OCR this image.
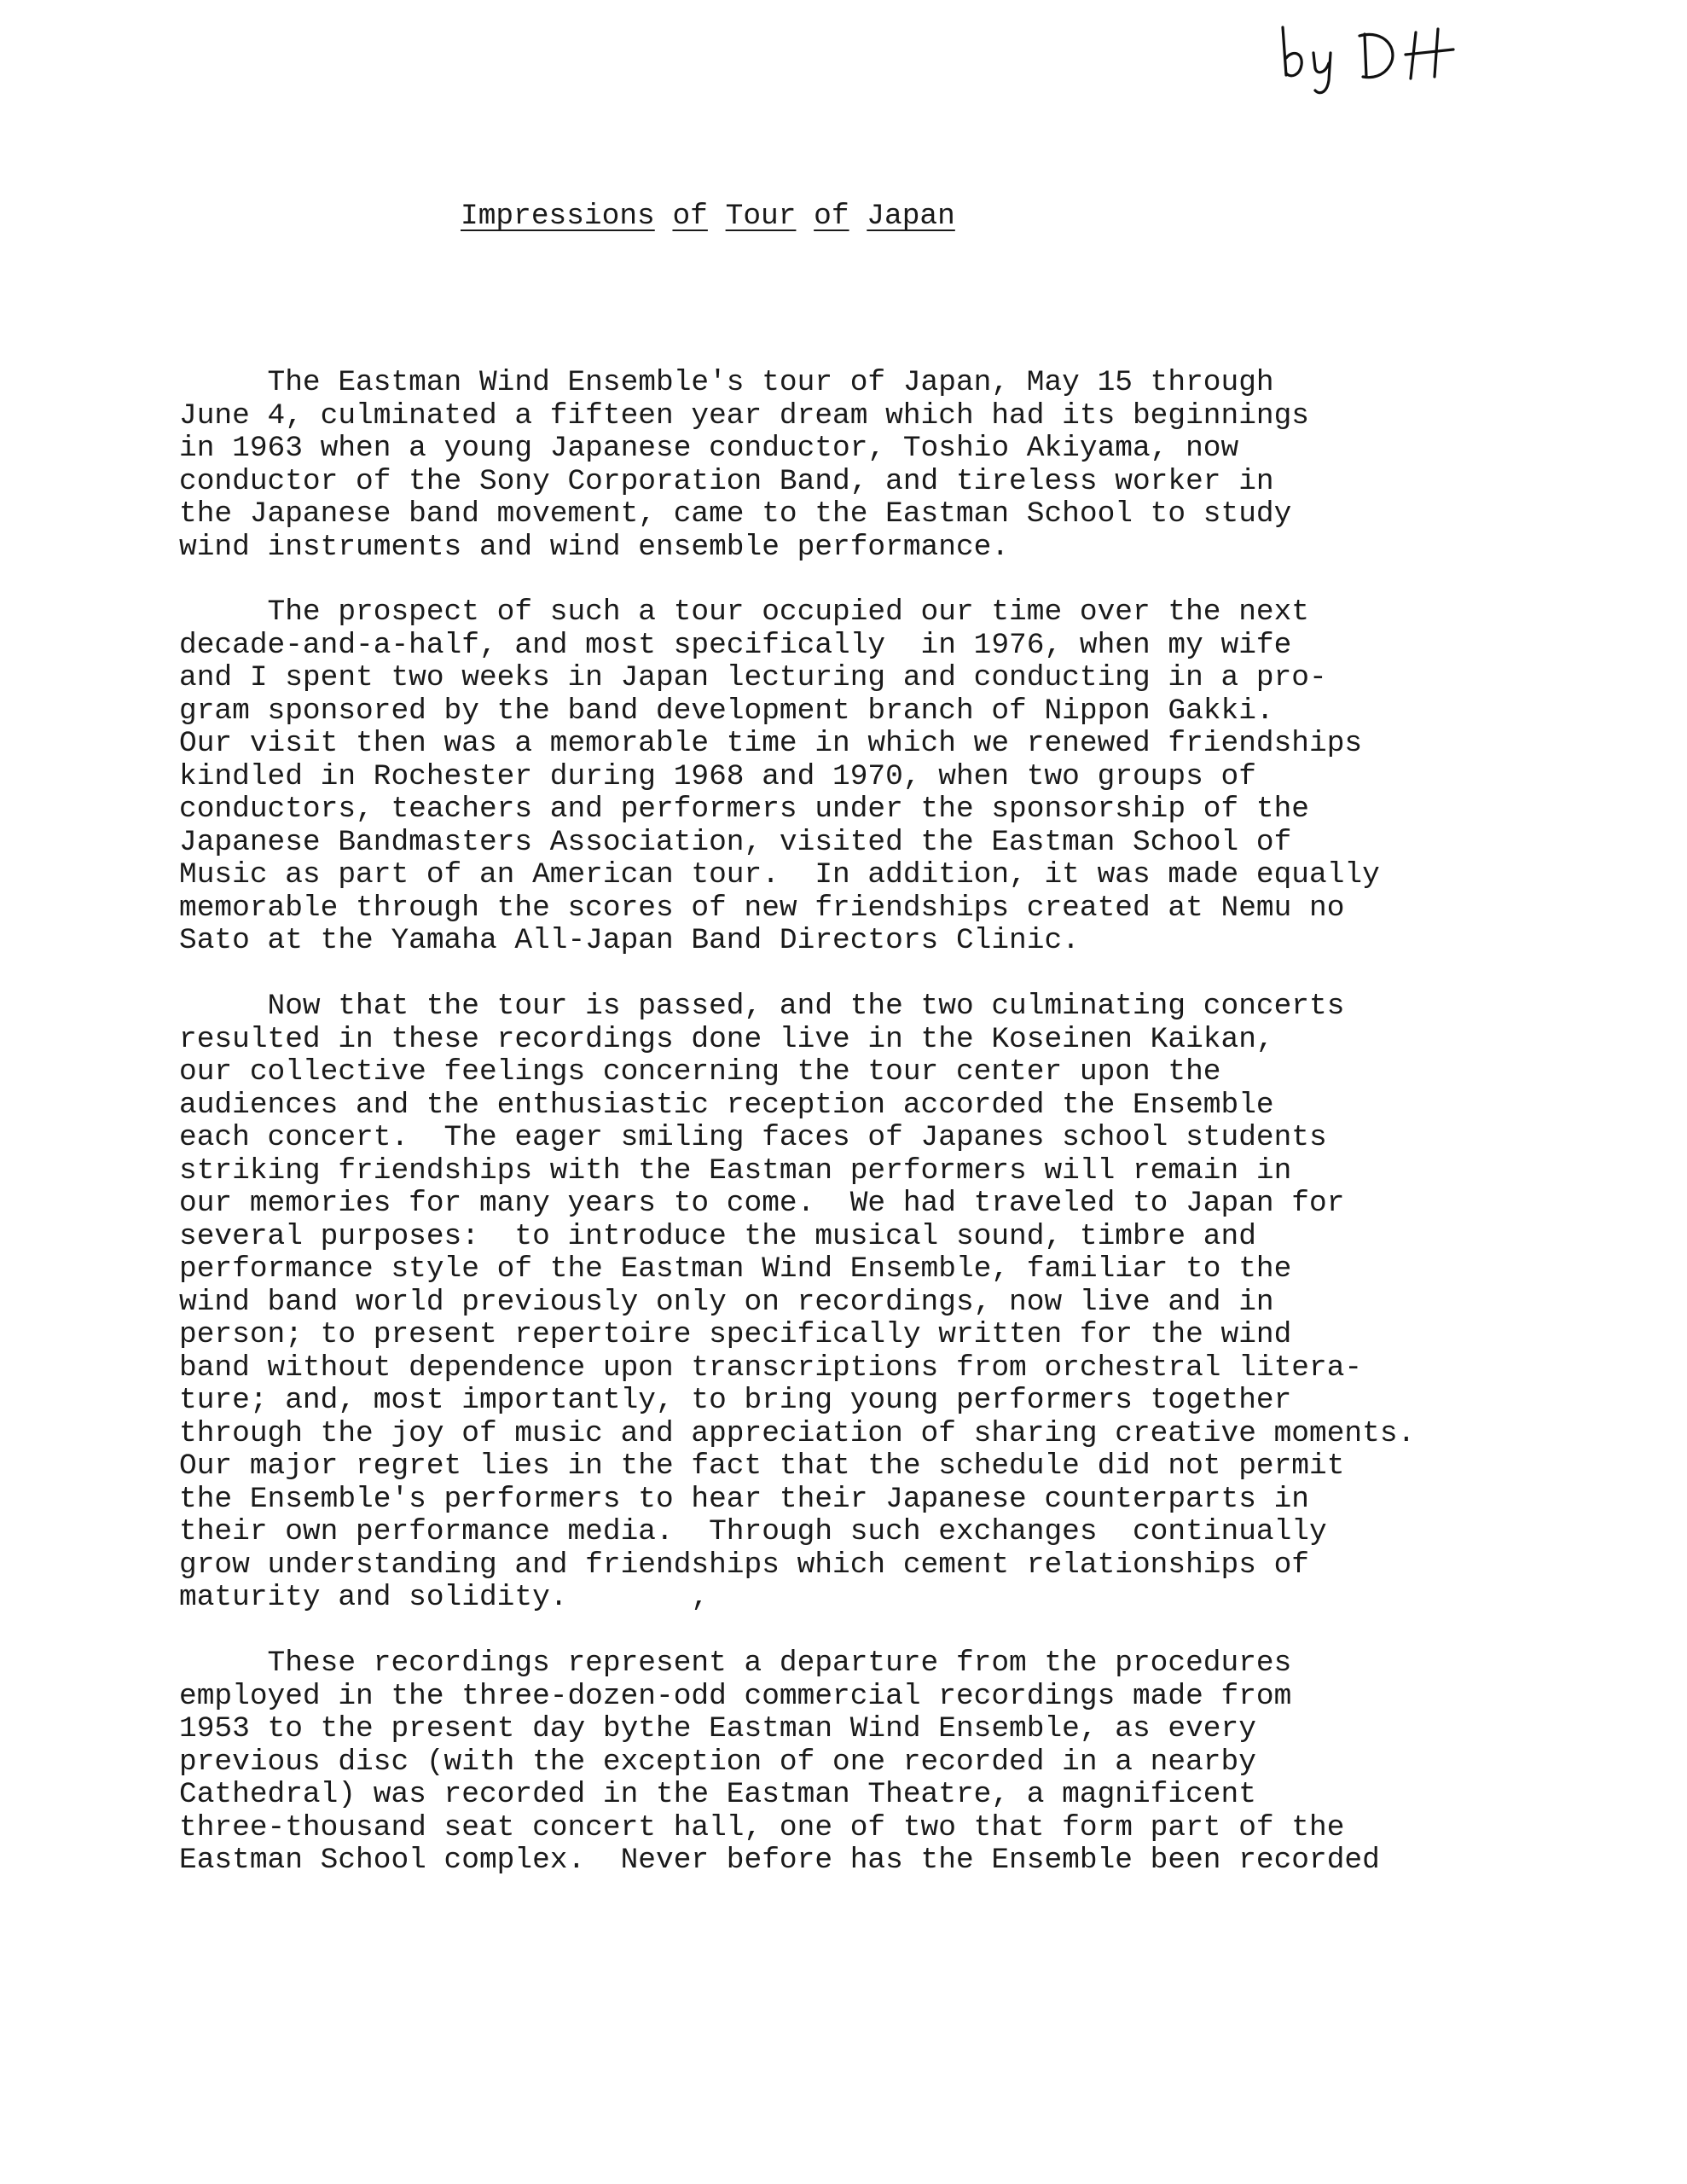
Impressions of Tour of Japan
The Eastman Wind Ensemble's tour of Japan, May 15 through
June 4, culminated a fifteen year dream which had its beginnings
in 1963 when a young Japanese conductor, Toshio Akiyama, now
conductor of the Sony Corporation Band, and tireless worker in
the Japanese band movement, came to the Eastman School to study
wind instruments and wind ensemble performance.
The prospect of such a tour occupied our time over the next
decade-and-a-half, and most specifically  in 1976, when my wife
and I spent two weeks in Japan lecturing and conducting in a pro-
gram sponsored by the band development branch of Nippon Gakki.
Our visit then was a memorable time in which we renewed friendships
kindled in Rochester during 1968 and 1970, when two groups of
conductors, teachers and performers under the sponsorship of the
Japanese Bandmasters Association, visited the Eastman School of
Music as part of an American tour.  In addition, it was made equally
memorable through the scores of new friendships created at Nemu no
Sato at the Yamaha All-Japan Band Directors Clinic.
Now that the tour is passed, and the two culminating concerts
resulted in these recordings done live in the Koseinen Kaikan,
our collective feelings concerning the tour center upon the
audiences and the enthusiastic reception accorded the Ensemble
each concert.  The eager smiling faces of Japanes school students
striking friendships with the Eastman performers will remain in
our memories for many years to come.  We had traveled to Japan for
several purposes:  to introduce the musical sound, timbre and
performance style of the Eastman Wind Ensemble, familiar to the
wind band world previously only on recordings, now live and in
person; to present repertoire specifically written for the wind
band without dependence upon transcriptions from orchestral litera-
ture; and, most importantly, to bring young performers together
through the joy of music and appreciation of sharing creative moments.
Our major regret lies in the fact that the schedule did not permit
the Ensemble's performers to hear their Japanese counterparts in
their own performance media.  Through such exchanges  continually
grow understanding and friendships which cement relationships of
maturity and solidity.       ,
These recordings represent a departure from the procedures
employed in the three-dozen-odd commercial recordings made from
1953 to the present day bythe Eastman Wind Ensemble, as every
previous disc (with the exception of one recorded in a nearby
Cathedral) was recorded in the Eastman Theatre, a magnificent
three-thousand seat concert hall, one of two that form part of the
Eastman School complex.  Never before has the Ensemble been recorded
